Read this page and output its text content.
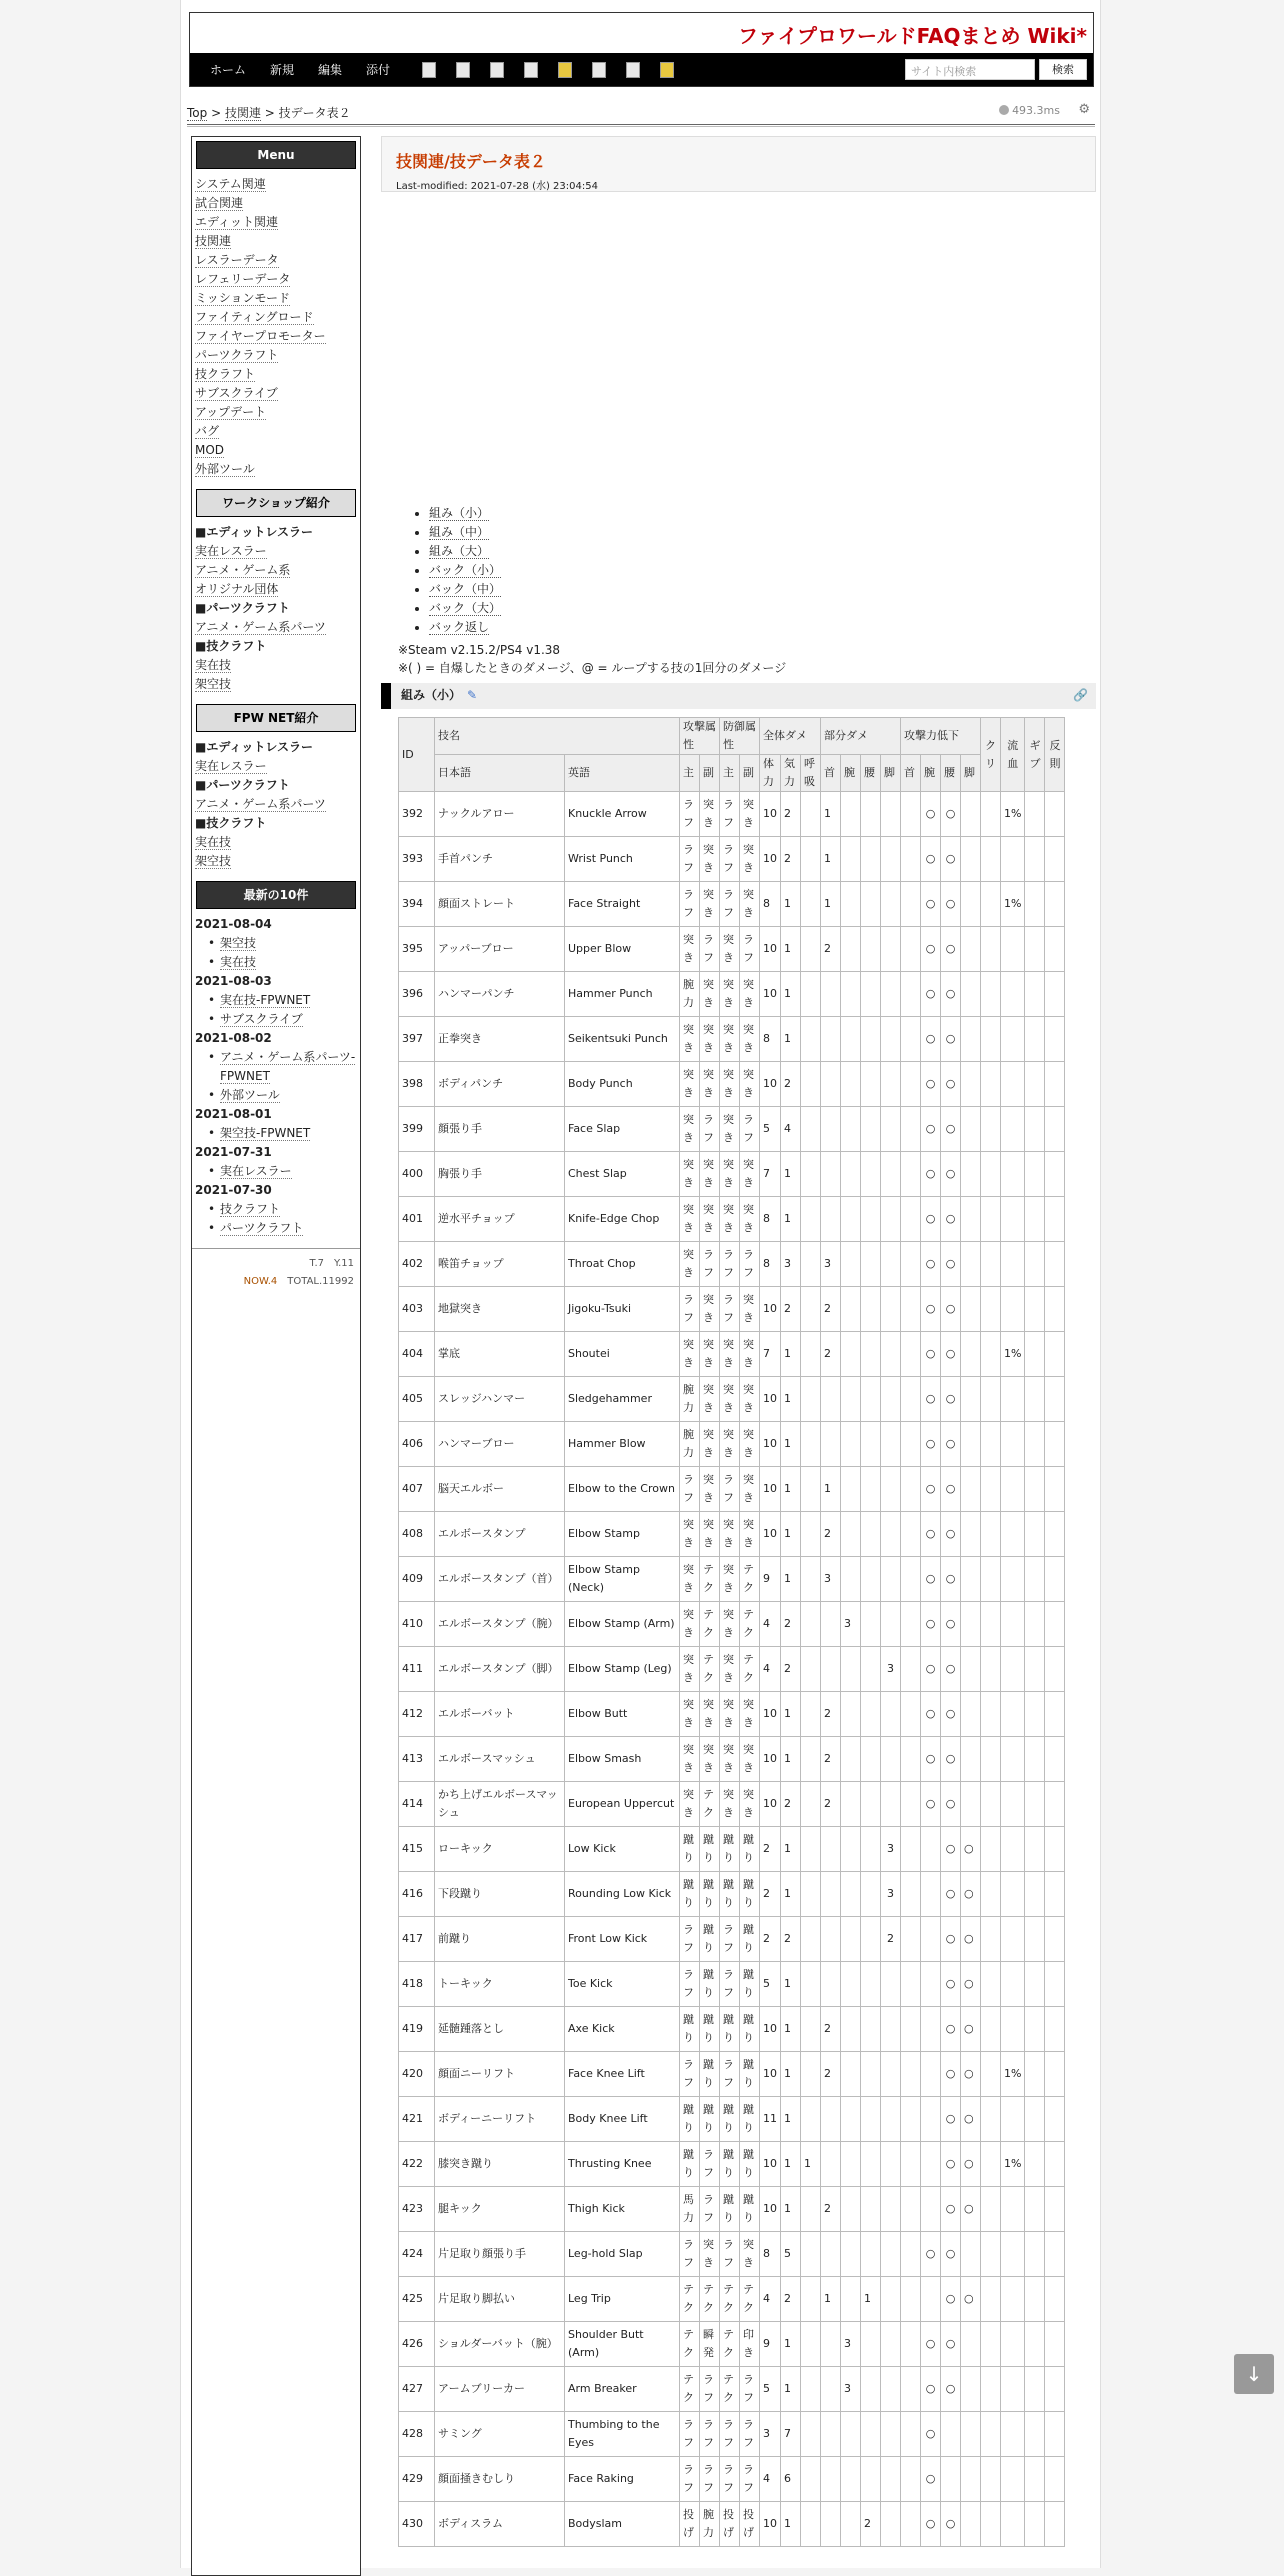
ファイプロワールドFAQまとめ Wiki*
ホーム 新規 編集 添付	サイト内検索	検索
Top > 技関連 > 技データ表２	493.3ms ⚙
Menu
システム関連
試合関連
エディット関連
技関連
レスラーデータ
レフェリーデータ
ミッションモード
ファイティングロード
ファイヤープロモーター
パーツクラフト
技クラフト
サブスクライブ
アップデート
バグ
MOD
外部ツール
ワークショップ紹介
■エディットレスラー
実在レスラー
アニメ・ゲーム系
オリジナル団体
■パーツクラフト
アニメ・ゲーム系パーツ
■技クラフト
実在技
架空技
FPW NET紹介
■エディットレスラー
実在レスラー
■パーツクラフト
アニメ・ゲーム系パーツ
■技クラフト
実在技
架空技
最新の10件
2021-08-04
• 架空技
• 実在技
2021-08-03
• 実在技-FPWNET
• サブスクライブ
2021-08-02
• アニメ・ゲーム系パーツ-FPWNET
• 外部ツール
2021-08-01
• 架空技-FPWNET
2021-07-31
• 実在レスラー
2021-07-30
• 技クラフト
• パーツクラフト
T.7　Y.11
NOW.4　 TOTAL.11992
技関連/技データ表２
Last-modified: 2021-07-28 (水) 23:04:54
• 組み（小）
• 組み（中）
• 組み（大）
• バック（小）
• バック（中）
• バック（大）
• バック返し
※Steam v2.15.2/PS4 v1.38
※( ) = 自爆したときのダメージ、@ = ループする技の1回分のダメージ
組み（小） ✎	🔗
ID	技名		攻撃属性		防御属性		全体ダメ			部分ダメ				攻撃力低下				クリ	流血	ギブ	反則
	日本語	英語	主	副	主	副	体力	気力	呼吸	首	腕	腰	脚	首	腕	腰	脚				
392	ナックルアロー	Knuckle Arrow	ラフ	突き	ラフ	突き	10	2		1					○	○			1%		
393	手首パンチ	Wrist Punch	ラフ	突き	ラフ	突き	10	2		1					○	○					
394	顔面ストレート	Face Straight	ラフ	突き	ラフ	突き	8	1		1					○	○			1%		
395	アッパーブロー	Upper Blow	突き	ラフ	突き	ラフ	10	1		2					○	○					
396	ハンマーパンチ	Hammer Punch	腕力	突き	突き	突き	10	1							○	○					
397	正拳突き	Seikentsuki Punch	突き	突き	突き	突き	8	1							○	○					
398	ボディパンチ	Body Punch	突き	突き	突き	突き	10	2							○	○					
399	顔張り手	Face Slap	突き	ラフ	突き	ラフ	5	4							○	○					
400	胸張り手	Chest Slap	突き	突き	突き	突き	7	1							○	○					
401	逆水平チョップ	Knife-Edge Chop	突き	突き	突き	突き	8	1							○	○					
402	喉笛チョップ	Throat Chop	突き	ラフ	ラフ	ラフ	8	3		3					○	○					
403	地獄突き	Jigoku-Tsuki	ラフ	突き	ラフ	突き	10	2		2					○	○					
404	掌底	Shoutei	突き	突き	突き	突き	7	1		2					○	○			1%		
405	スレッジハンマー	Sledgehammer	腕力	突き	突き	突き	10	1							○	○					
406	ハンマーブロー	Hammer Blow	腕力	突き	突き	突き	10	1							○	○					
407	脳天エルボー	Elbow to the Crown	ラフ	突き	ラフ	突き	10	1		1					○	○					
408	エルボースタンプ	Elbow Stamp	突き	突き	突き	突き	10	1		2					○	○					
409	エルボースタンプ（首）	Elbow Stamp (Neck)	突き	テク	突き	テク	9	1		3					○	○					
410	エルボースタンプ（腕）	Elbow Stamp (Arm)	突き	テク	突き	テク	4	2			3				○	○					
411	エルボースタンプ（脚）	Elbow Stamp (Leg)	突き	テク	突き	テク	4	2					3		○	○					
412	エルボーバット	Elbow Butt	突き	突き	突き	突き	10	1		2					○	○					
413	エルボースマッシュ	Elbow Smash	突き	突き	突き	突き	10	1		2					○	○					
414	かち上げエルボースマッシュ	European Uppercut	突き	テク	突き	突き	10	2		2					○	○					
415	ローキック	Low Kick	蹴り	蹴り	蹴り	蹴り	2	1					3			○	○				
416	下段蹴り	Rounding Low Kick	蹴り	蹴り	蹴り	蹴り	2	1					3			○	○				
417	前蹴り	Front Low Kick	ラフ	蹴り	ラフ	蹴り	2	2					2			○	○				
418	トーキック	Toe Kick	ラフ	蹴り	ラフ	蹴り	5	1								○	○				
419	延髄踵落とし	Axe Kick	蹴り	蹴り	蹴り	蹴り	10	1		2						○	○				
420	顔面ニーリフト	Face Knee Lift	ラフ	蹴り	ラフ	蹴り	10	1		2						○	○		1%		
421	ボディーニーリフト	Body Knee Lift	蹴り	蹴り	蹴り	蹴り	11	1								○	○				
422	膝突き蹴り	Thrusting Knee	蹴り	ラフ	蹴り	蹴り	10	1	1							○	○		1%		
423	腿キック	Thigh Kick	馬力	ラフ	蹴り	蹴り	10	1		2						○	○				
424	片足取り顔張り手	Leg-hold Slap	ラフ	突き	ラフ	突き	8	5							○	○					
425	片足取り脚払い	Leg Trip	テク	テク	テク	テク	4	2		1		1				○	○				
426	ショルダーバット（腕）	Shoulder Butt (Arm)	テク	瞬発	テク	印き	9	1			3				○	○					
427	アームブリーカー	Arm Breaker	テク	ラフ	テク	ラフ	5	1			3				○	○					
428	サミング	Thumbing to the Eyes	ラフ	ラフ	ラフ	ラフ	3	7							○						
429	顔面掻きむしり	Face Raking	ラフ	ラフ	ラフ	ラフ	4	6							○						
430	ボディスラム	Bodyslam	投げ	腕力	投げ	投げ	10	1				2			○	○					
↓
